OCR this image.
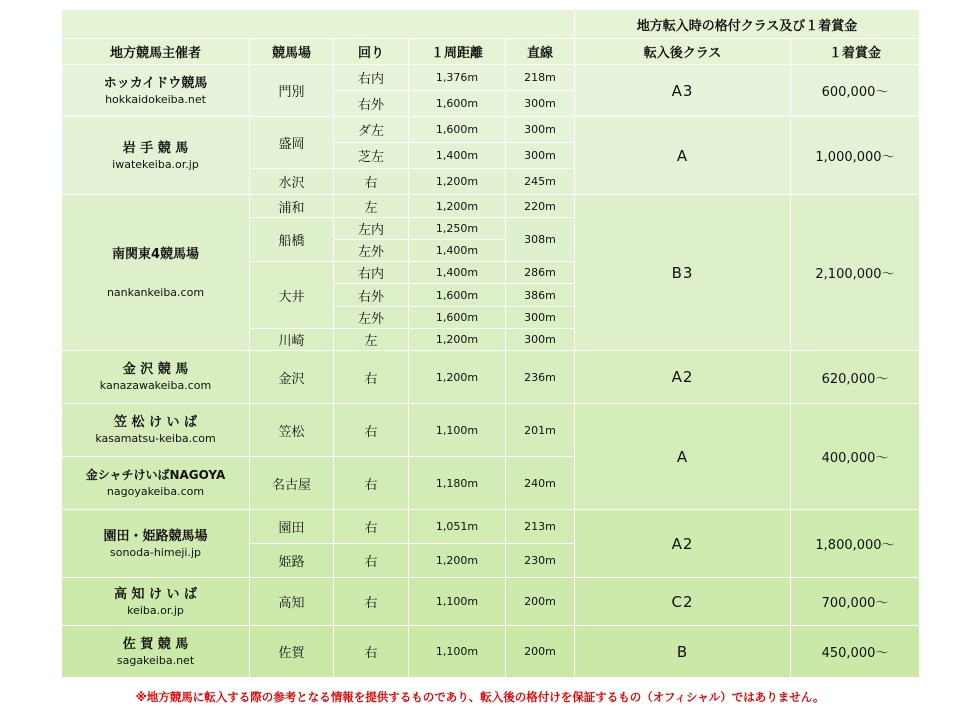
					地方転入時の格付クラス及び１着賞金	
地方競馬主催者	競馬場	回り	１周距離	直線	転入後クラス	１着賞金

ホッカイドウ競馬
hokkaidokeiba.net	門別	右内	1,376m	218m	A3	600,000～
		右外	1,600m	300m		

岩 手 競 馬
iwatekeiba.or.jp	盛岡	ダ左	1,600m	300m	A	1,000,000～
		芝左	1,400m	300m		
	水沢	右	1,200m	245m		

南関東4競馬場
nankankeiba.com	浦和	左	1,200m	220m	B3	2,100,000～
	船橋	左内	1,250m	308m		
		左外	1,400m			
	大井	右内	1,400m	286m		
		右外	1,600m	386m		
		左外	1,600m	300m		
	川崎	左	1,200m	300m		

金 沢 競 馬
kanazawakeiba.com	金沢	右	1,200m	236m	A2	620,000～

笠 松 け い ば
kasamatsu-keiba.com	笠松	右	1,100m	201m	A	400,000～

金シャチけいばNAGOYA
nagoyakeiba.com	名古屋	右	1,180m	240m		

園田・姫路競馬場
sonoda-himeji.jp	園田	右	1,051m	213m	A2	1,800,000～
	姫路	右	1,200m	230m		

高 知 け い ば
keiba.or.jp	高知	右	1,100m	200m	C2	700,000～

佐 賀 競 馬
sagakeiba.net	佐賀	右	1,100m	200m	B	450,000～
※地方競馬に転入する際の参考となる情報を提供するものであり、転入後の格付けを保証するもの（オフィシャル）ではありません。
